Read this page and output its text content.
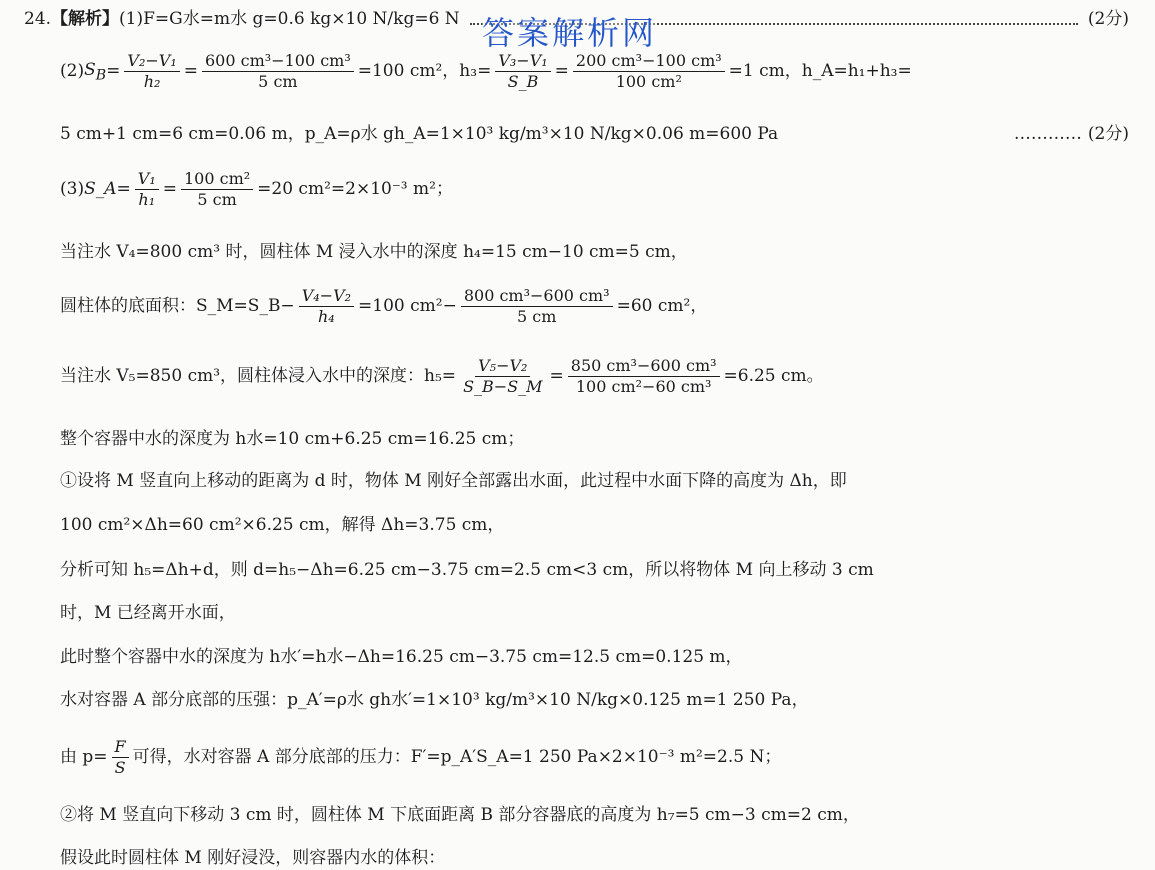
24. 【解析】 (1)F=G水=m水 g=0.6 kg×10 N/kg=6 N	(2分)
答案解析网
(2) $S_B = \frac{\text{V₂−V₁}}{\text{h₂}} = \frac{\text{600 cm³−100 cm³}}{5 cm} =100$ cm²，$h_3= \frac{\text{V₃−V₁}}{S\_B} = \frac{\text{200 cm³−100 cm³}}{\text{100 cm²}} =1$ cm，h_A=h₁+h₃=
5 cm+1 cm=6 cm=0.06 m，p_A=ρ水 gh_A=1×10³ kg/m³×10 N/kg×0.06 m=600 Pa	………… (2分)
(3) S_A= $\frac{\text{V₁}}{\text{h₁}} = \frac{\text{100 cm²}}{5 cm} =20$ cm²=2×10⁻³ m²；
当注水 V₄=800 cm³ 时，圆柱体 M 浸入水中的深度 h₄=15 cm−10 cm=5 cm，
圆柱体的底面积：S_M=S_B− $\frac{\text{V₄−V₂}}{\text{h₄}} =100$ $cm^2- \frac{\text{800 cm³−600 cm³}}{5 cm} =60$ cm²，
当注水 V₅=850 cm³，圆柱体浸入水中的深度：$h_5= \frac{\text{V₅−V₂}}{S\_B-S\_M} = \frac{\text{850 cm³−600 cm³}}{\text{100 cm²−60 cm³}} =6.25$ cm。
整个容器中水的深度为 h水=10 cm+6.25 cm=16.25 cm；
①设将 M 竖直向上移动的距离为 d 时，物体 M 刚好全部露出水面，此过程中水面下降的高度为 Δh，即
100 cm²×Δh=60 cm²×6.25 cm，解得 Δh=3.75 cm，
分析可知 h₅=Δh+d，则 d=h₅−Δh=6.25 cm−3.75 cm=2.5 cm<3 cm，所以将物体 M 向上移动 3 cm
时，M 已经离开水面，
此时整个容器中水的深度为 h水′=h水−Δh=16.25 cm−3.75 cm=12.5 cm=0.125 m，
水对容器 A 部分底部的压强：p_A′=ρ水 gh水′=1×10³ kg/m³×10 N/kg×0.125 m=1 250 Pa，
由 $p= \frac{F}{S}$ 可得，水对容器 A 部分底部的压力：F′=p_A′S_A=1 250 Pa×2×10⁻³ m²=2.5 N；
②将 M 竖直向下移动 3 cm 时，圆柱体 M 下底面距离 B 部分容器底的高度为 h₇=5 cm−3 cm=2 cm，
假设此时圆柱体 M 刚好浸没，则容器内水的体积：
